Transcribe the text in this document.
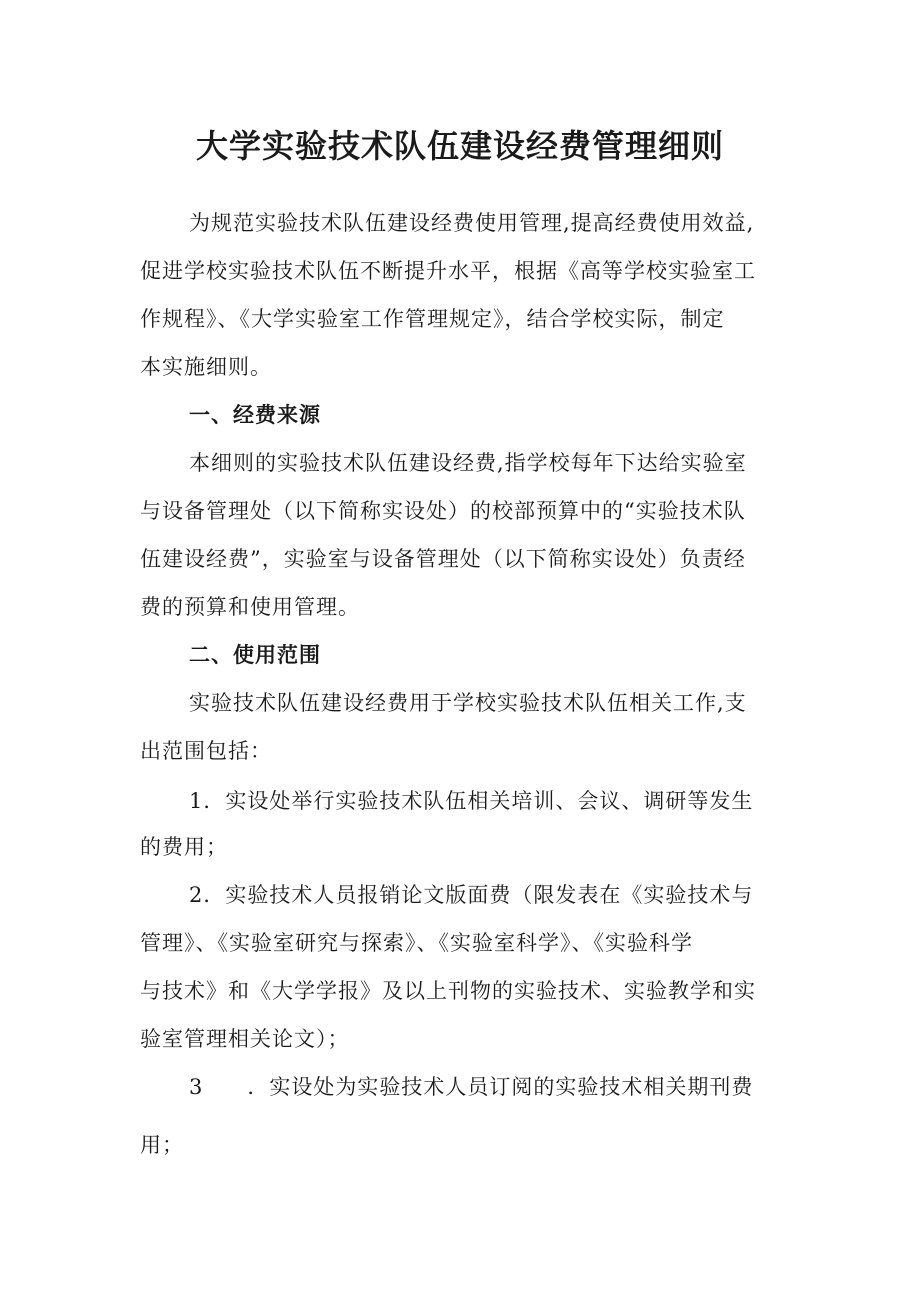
大学实验技术队伍建设经费管理细则
为规范实验技术队伍建设经费使用管理,提高经费使用效益,
促进学校实验技术队伍不断提升水平，根据《高等学校实验室工
作规程》、《大学实验室工作管理规定》，结合学校实际，制定
本实施细则。
一、经费来源
本细则的实验技术队伍建设经费,指学校每年下达给实验室
与设备管理处（以下简称实设处）的校部预算中的“实验技术队
伍建设经费”，实验室与设备管理处（以下简称实设处）负责经
费的预算和使用管理。
二、使用范围
实验技术队伍建设经费用于学校实验技术队伍相关工作,支
出范围包括：
1．实设处举行实验技术队伍相关培训、会议、调研等发生
的费用；
2．实验技术人员报销论文版面费（限发表在《实验技术与
管理》、《实验室研究与探索》、《实验室科学》、《实验科学
与技术》和《大学学报》及以上刊物的实验技术、实验教学和实
验室管理相关论文）；
3 ．实设处为实验技术人员订阅的实验技术相关期刊费
用；
